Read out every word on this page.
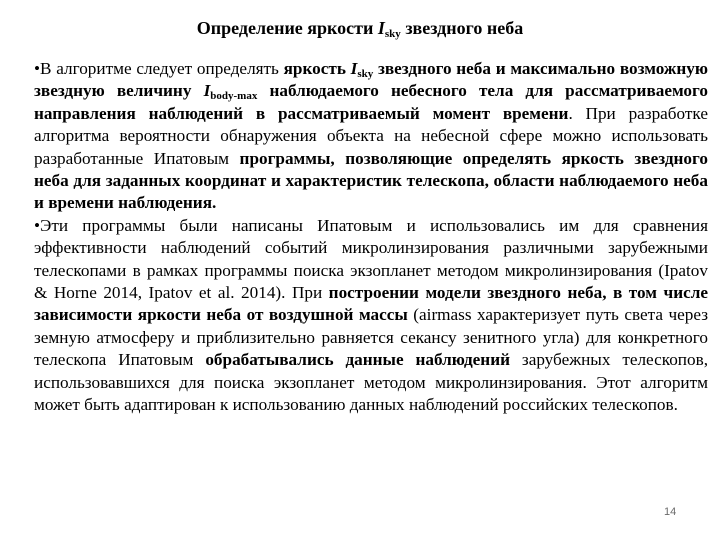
Определение яркости $I_{sky}$ звездного неба

•В алгоритме следует определять яркость $I_{sky}$ звездного неба и максимально возможную звездную величину $I_{body-max}$ наблюдаемого небесного тела для рассматриваемого направления наблюдений в рассматриваемый момент времени. При разработке алгоритма вероятности обнаружения объекта на небесной сфере можно использовать разработанные Ипатовым программы, позволяющие определять яркость звездного неба для заданных координат и характеристик телескопа, области наблюдаемого неба и времени наблюдения.

•Эти программы были написаны Ипатовым и использовались им для сравнения эффективности наблюдений событий микролинзирования различными зарубежными телескопами в рамках программы поиска экзопланет методом микролинзирования (Ipatov & Horne 2014, Ipatov et al. 2014). При построении модели звездного неба, в том числе зависимости яркости неба от воздушной массы (airmass характеризует путь света через земную атмосферу и приблизительно равняется секансу зенитного угла) для конкретного телескопа Ипатовым обрабатывались данные наблюдений зарубежных телескопов, использовавшихся для поиска экзопланет методом микролинзирования. Этот алгоритм может быть адаптирован к использованию данных наблюдений российских телескопов.

14
